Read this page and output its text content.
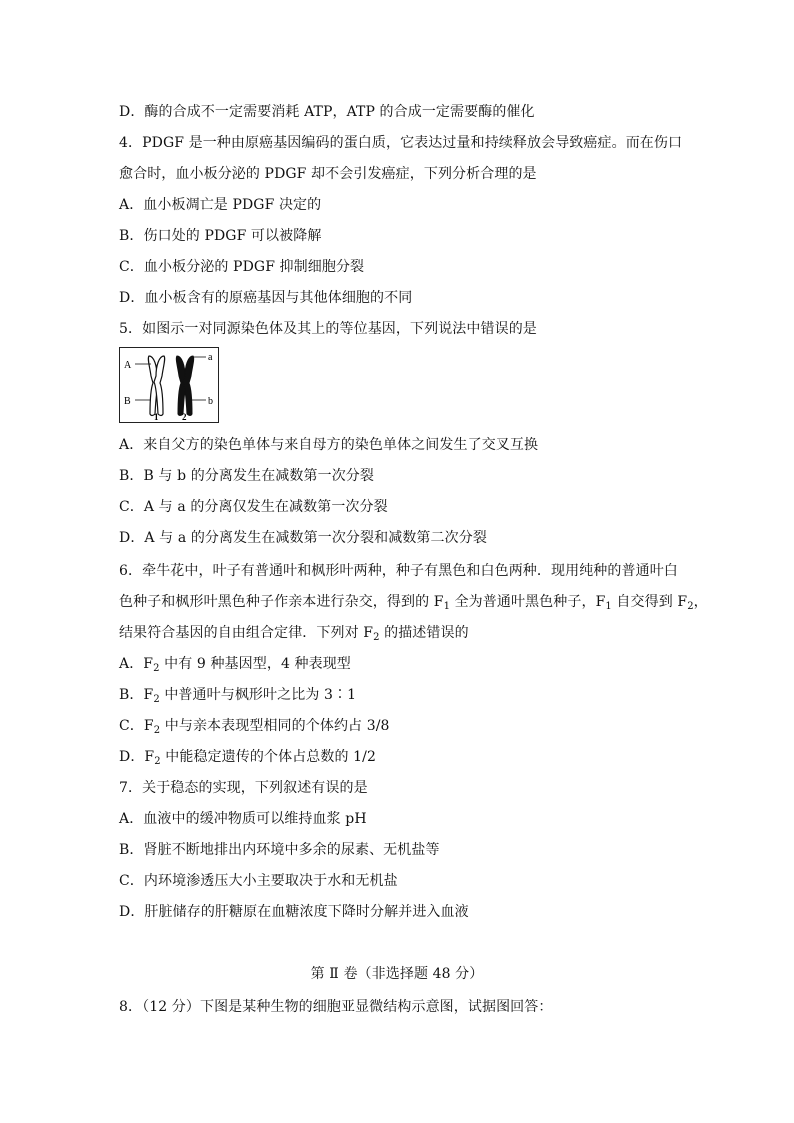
D．酶的合成不一定需要消耗 ATP，ATP 的合成一定需要酶的催化
4．PDGF 是一种由原癌基因编码的蛋白质，它表达过量和持续释放会导致癌症。而在伤口
愈合时，血小板分泌的 PDGF 却不会引发癌症，下列分析合理的是
A．血小板凋亡是 PDGF 决定的
B．伤口处的 PDGF 可以被降解
C．血小板分泌的 PDGF 抑制细胞分裂
D．血小板含有的原癌基因与其他体细胞的不同
5．如图示一对同源染色体及其上的等位基因，下列说法中错误的是
A
B
a
b
1	2
A．来自父方的染色单体与来自母方的染色单体之间发生了交叉互换
B．B 与 b 的分离发生在减数第一次分裂
C．A 与 a 的分离仅发生在减数第一次分裂
D．A 与 a 的分离发生在减数第一次分裂和减数第二次分裂
6．牵牛花中，叶子有普通叶和枫形叶两种，种子有黑色和白色两种．现用纯种的普通叶白
色种子和枫形叶黑色种子作亲本进行杂交，得到的 $F_1$ 全为普通叶黑色种子，$F_1$ 自交得到 $F_2$，
结果符合基因的自由组合定律．下列对 $F_2$ 的描述错误的
A．$F_2$ 中有 9 种基因型，4 种表现型
B．$F_2$ 中普通叶与枫形叶之比为 3∶1
C．$F_2$ 中与亲本表现型相同的个体约占 3/8
D．$F_2$ 中能稳定遗传的个体占总数的 1/2
7．关于稳态的实现，下列叙述有误的是
A．血液中的缓冲物质可以维持血浆 pH
B．肾脏不断地排出内环境中多余的尿素、无机盐等
C．内环境渗透压大小主要取决于水和无机盐
D．肝脏储存的肝糖原在血糖浓度下降时分解并进入血液
第 Ⅱ 卷（非选择题 48 分）
8．（12 分）下图是某种生物的细胞亚显微结构示意图，试据图回答：
